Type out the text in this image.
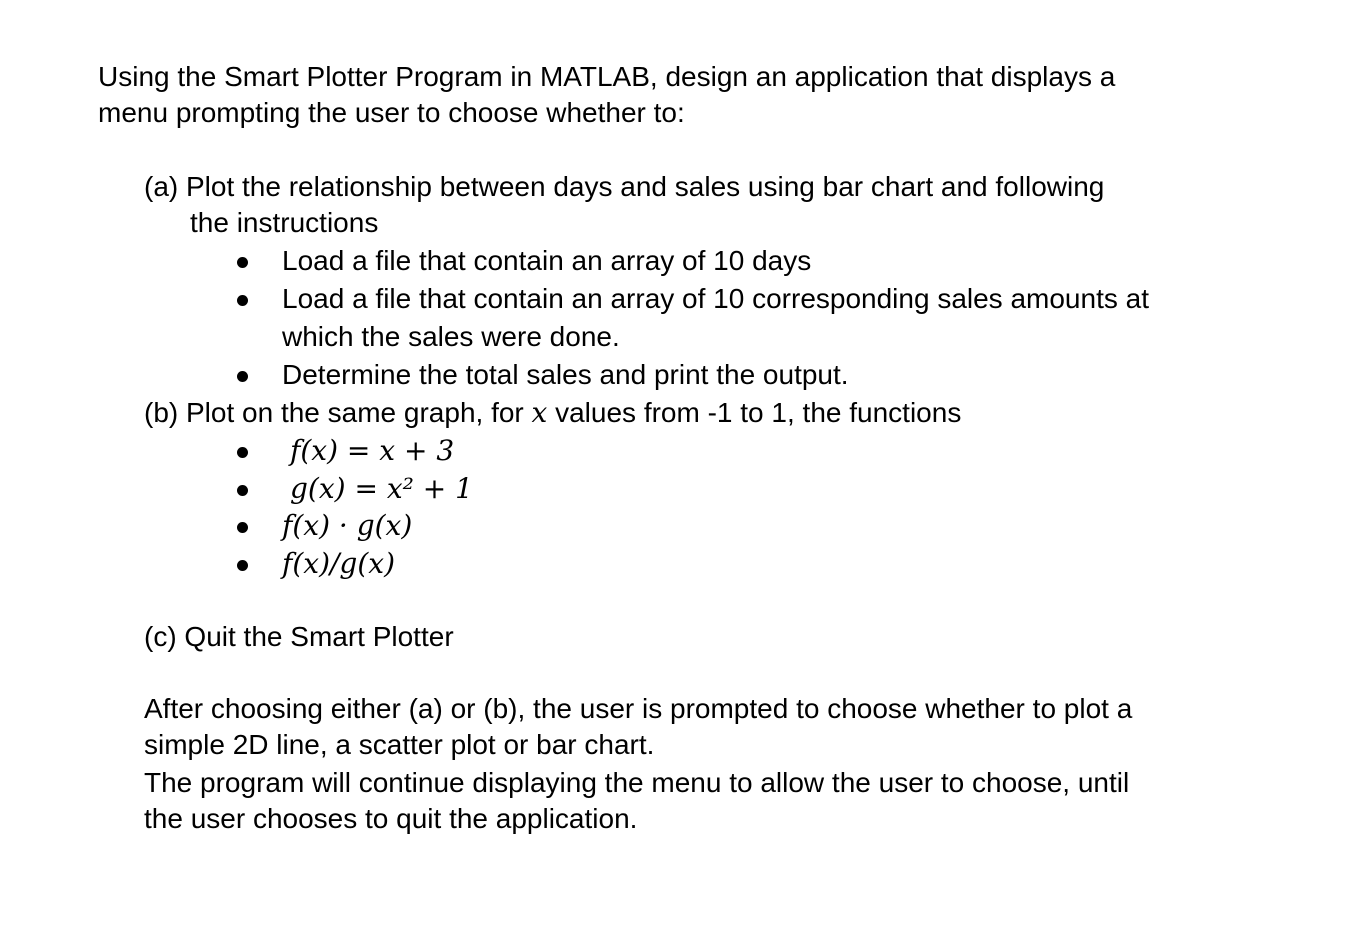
Using the Smart Plotter Program in MATLAB, design an application that displays a
menu prompting the user to choose whether to:
(a) Plot the relationship between days and sales using bar chart and following
the instructions
Load a file that contain an array of 10 days
Load a file that contain an array of 10 corresponding sales amounts at
which the sales were done.
Determine the total sales and print the output.
(b) Plot on the same graph, for x values from -1 to 1, the functions
f(x) = x + 3
g(x) = x² + 1
f(x) · g(x)
f(x)/g(x)
(c) Quit the Smart Plotter
After choosing either (a) or (b), the user is prompted to choose whether to plot a
simple 2D line, a scatter plot or bar chart.
The program will continue displaying the menu to allow the user to choose, until
the user chooses to quit the application.
